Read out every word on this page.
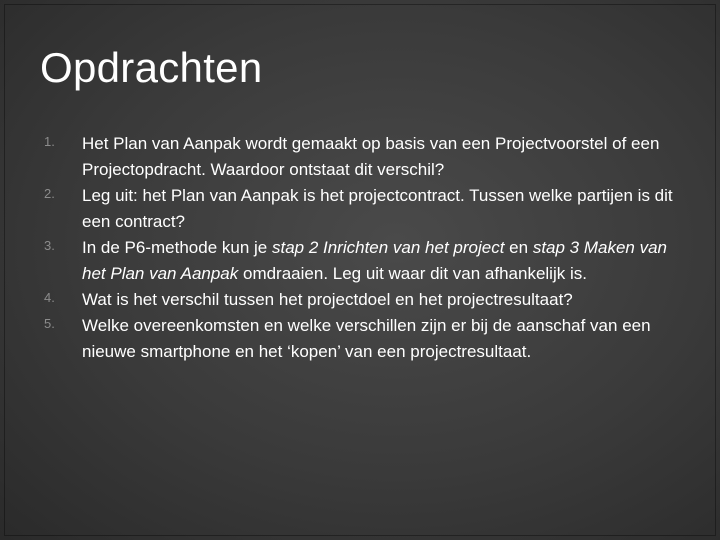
Opdrachten
1.	Het Plan van Aanpak wordt gemaakt op basis van een Projectvoorstel of een Projectopdracht. Waardoor ontstaat dit verschil?
2.	Leg uit: het Plan van Aanpak is het projectcontract. Tussen welke partijen is dit een contract?
3.	In de P6-methode kun je stap 2 Inrichten van het project en stap 3 Maken van het Plan van Aanpak omdraaien. Leg uit waar dit van afhankelijk is.
4.	Wat is het verschil tussen het projectdoel en het projectresultaat?
5.	Welke overeenkomsten en welke verschillen zijn er bij de aanschaf van een nieuwe smartphone en het ‘kopen’ van een projectresultaat.
